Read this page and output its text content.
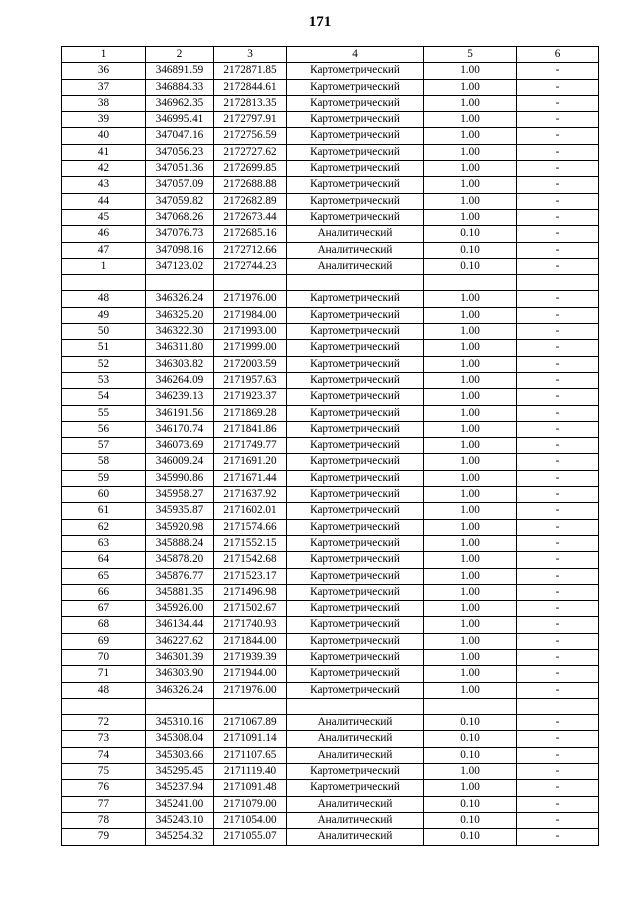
171
1	2	3	4	5	6
36	346891.59	2172871.85	Картометрический	1.00	-
37	346884.33	2172844.61	Картометрический	1.00	-
38	346962.35	2172813.35	Картометрический	1.00	-
39	346995.41	2172797.91	Картометрический	1.00	-
40	347047.16	2172756.59	Картометрический	1.00	-
41	347056.23	2172727.62	Картометрический	1.00	-
42	347051.36	2172699.85	Картометрический	1.00	-
43	347057.09	2172688.88	Картометрический	1.00	-
44	347059.82	2172682.89	Картометрический	1.00	-
45	347068.26	2172673.44	Картометрический	1.00	-
46	347076.73	2172685.16	Аналитический	0.10	-
47	347098.16	2172712.66	Аналитический	0.10	-
1	347123.02	2172744.23	Аналитический	0.10	-

48	346326.24	2171976.00	Картометрический	1.00	-
49	346325.20	2171984.00	Картометрический	1.00	-
50	346322.30	2171993.00	Картометрический	1.00	-
51	346311.80	2171999.00	Картометрический	1.00	-
52	346303.82	2172003.59	Картометрический	1.00	-
53	346264.09	2171957.63	Картометрический	1.00	-
54	346239.13	2171923.37	Картометрический	1.00	-
55	346191.56	2171869.28	Картометрический	1.00	-
56	346170.74	2171841.86	Картометрический	1.00	-
57	346073.69	2171749.77	Картометрический	1.00	-
58	346009.24	2171691.20	Картометрический	1.00	-
59	345990.86	2171671.44	Картометрический	1.00	-
60	345958.27	2171637.92	Картометрический	1.00	-
61	345935.87	2171602.01	Картометрический	1.00	-
62	345920.98	2171574.66	Картометрический	1.00	-
63	345888.24	2171552.15	Картометрический	1.00	-
64	345878.20	2171542.68	Картометрический	1.00	-
65	345876.77	2171523.17	Картометрический	1.00	-
66	345881.35	2171496.98	Картометрический	1.00	-
67	345926.00	2171502.67	Картометрический	1.00	-
68	346134.44	2171740.93	Картометрический	1.00	-
69	346227.62	2171844.00	Картометрический	1.00	-
70	346301.39	2171939.39	Картометрический	1.00	-
71	346303.90	2171944.00	Картометрический	1.00	-
48	346326.24	2171976.00	Картометрический	1.00	-

72	345310.16	2171067.89	Аналитический	0.10	-
73	345308.04	2171091.14	Аналитический	0.10	-
74	345303.66	2171107.65	Аналитический	0.10	-
75	345295.45	2171119.40	Картометрический	1.00	-
76	345237.94	2171091.48	Картометрический	1.00	-
77	345241.00	2171079.00	Аналитический	0.10	-
78	345243.10	2171054.00	Аналитический	0.10	-
79	345254.32	2171055.07	Аналитический	0.10	-
